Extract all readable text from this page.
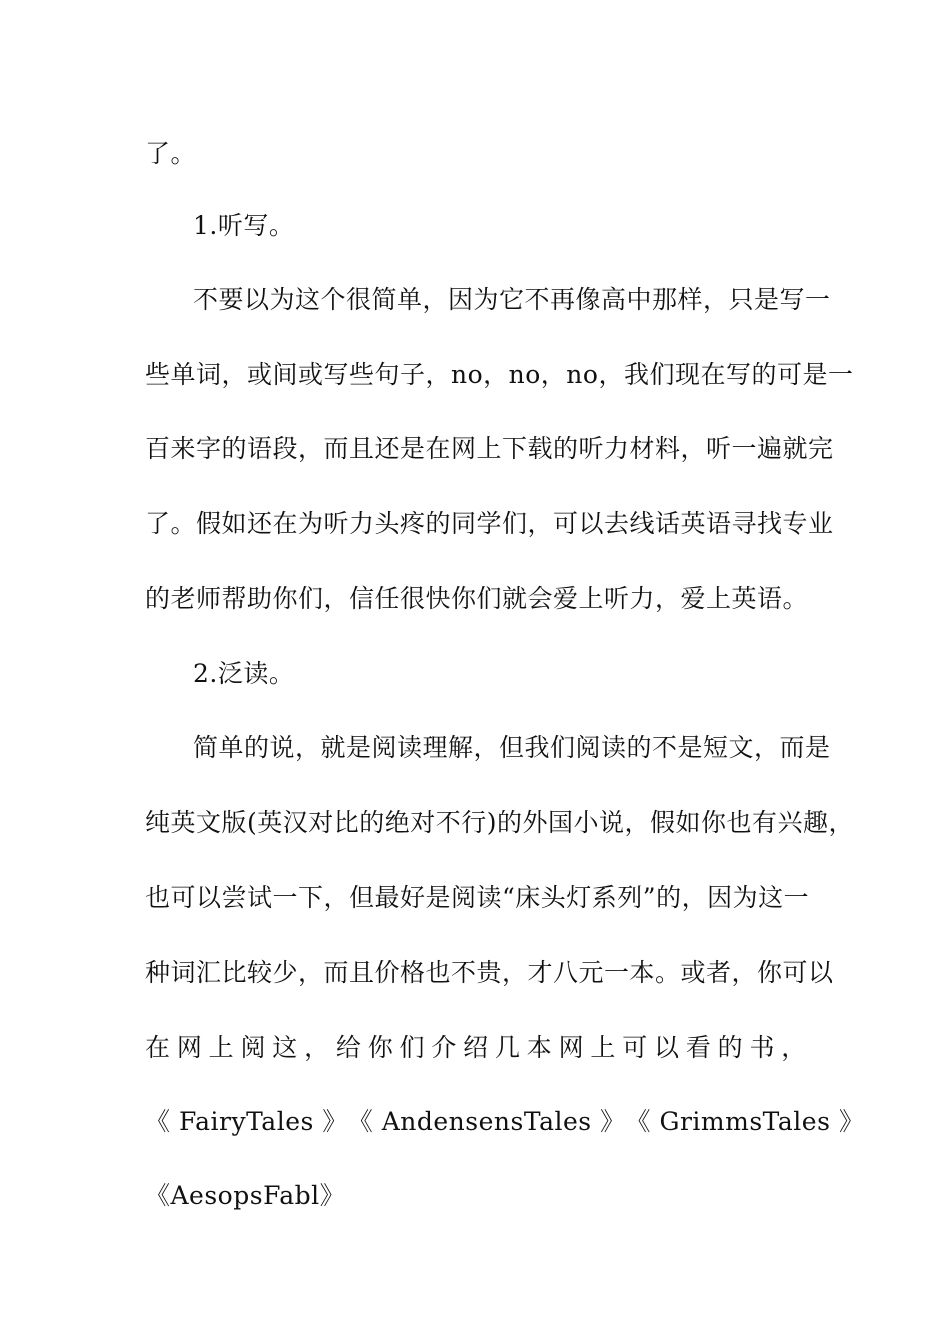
了。
1.听写。
不要以为这个很简单，因为它不再像高中那样，只是写一
些单词，或间或写些句子，no，no，no，我们现在写的可是一
百来字的语段，而且还是在网上下载的听力材料，听一遍就完
了。假如还在为听力头疼的同学们，可以去线话英语寻找专业
的老师帮助你们，信任很快你们就会爱上听力，爱上英语。
2.泛读。
简单的说，就是阅读理解，但我们阅读的不是短文，而是
纯英文版(英汉对比的绝对不行)的外国小说，假如你也有兴趣，
也可以尝试一下，但最好是阅读“床头灯系列”的，因为这一
种词汇比较少，而且价格也不贵，才八元一本。或者，你可以
在 网 上 阅 这 ， 给 你 们 介 绍 几 本 网 上 可 以 看 的 书 ，
《 FairyTales 》 《 AndensensTales 》 《 GrimmsTales 》
《AesopsFabl》
